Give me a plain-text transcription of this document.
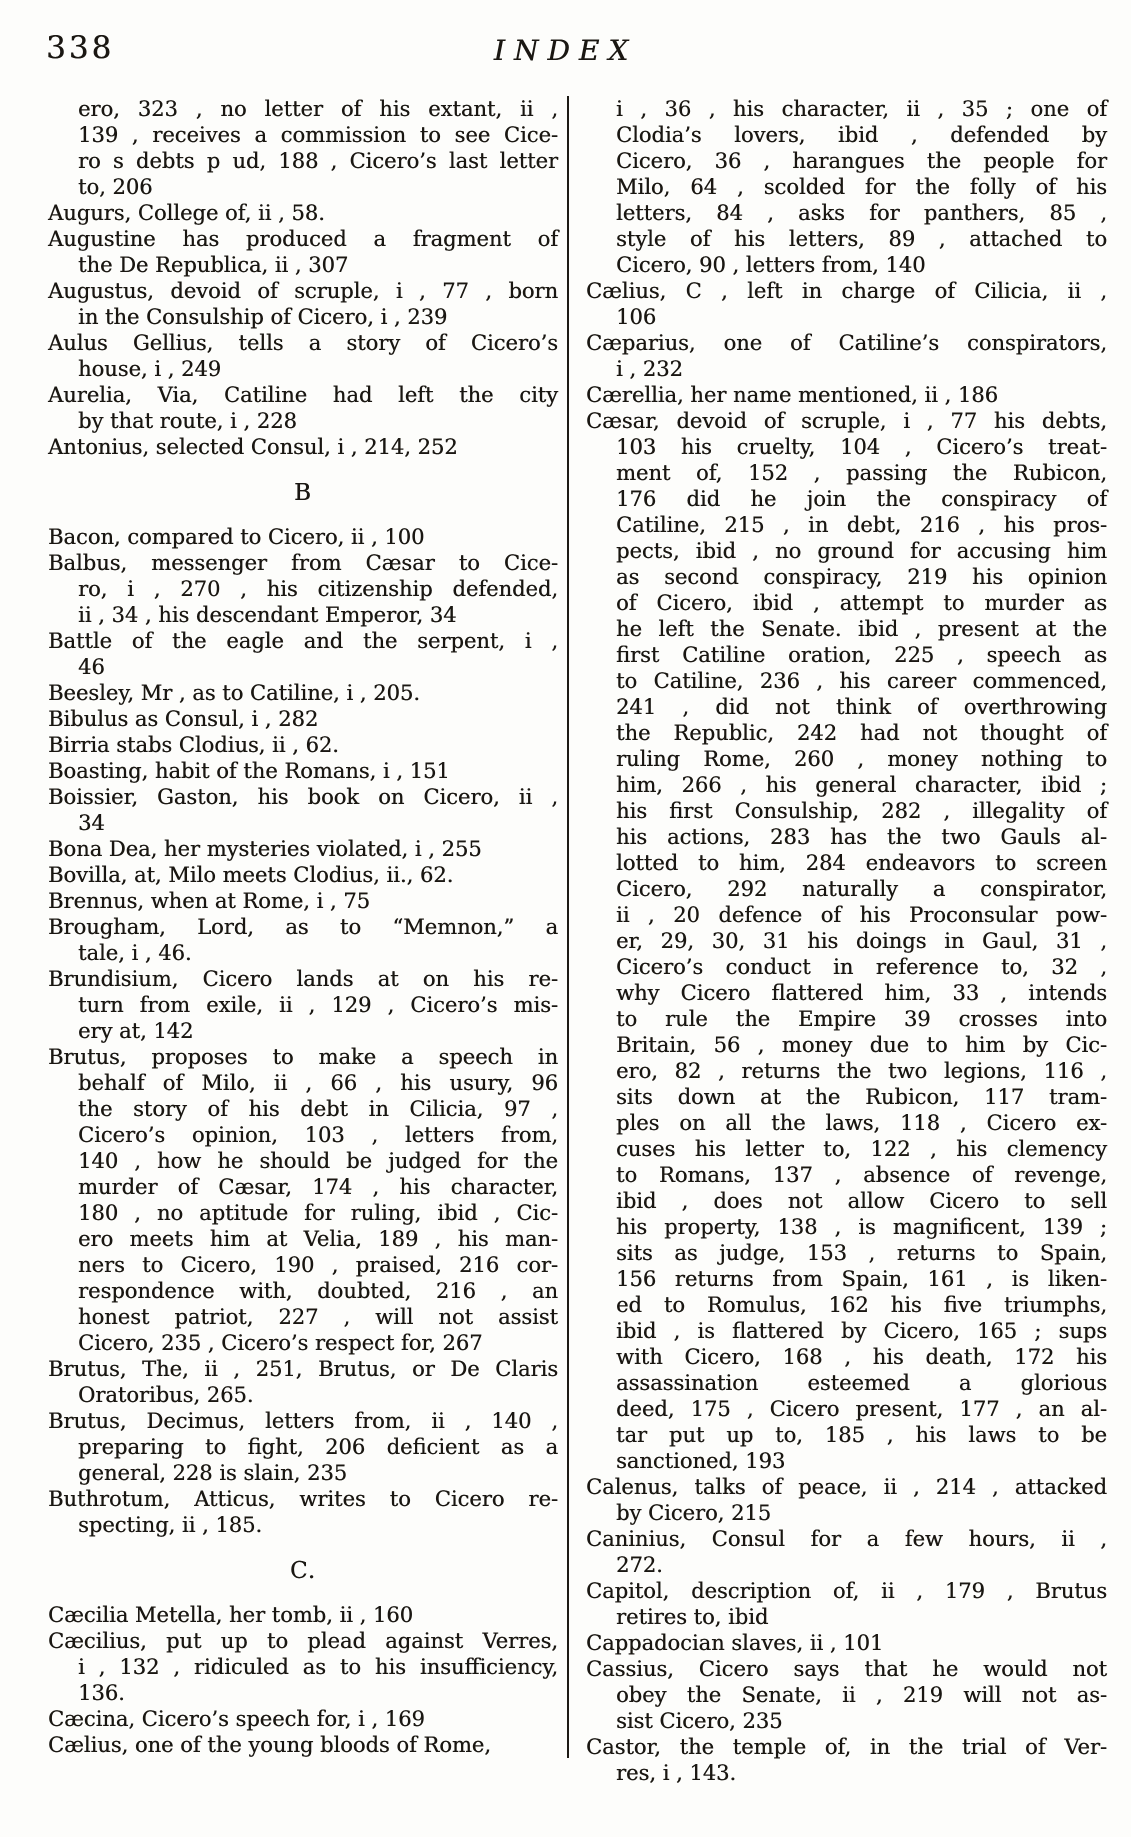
338	INDEX
ero, 323 , no letter of his extant, ii ,
139 , receives a commission to see Cice-
ro s debts p ud, 188 , Cicero’s last letter
to, 206
Augurs, College of, ii , 58.
Augustine has produced a fragment of
the De Republica, ii , 307
Augustus, devoid of scruple, i , 77 , born
in the Consulship of Cicero, i , 239
Aulus Gellius, tells a story of Cicero’s
house, i , 249
Aurelia, Via, Catiline had left the city
by that route, i , 228
Antonius, selected Consul, i , 214, 252
B
Bacon, compared to Cicero, ii , 100
Balbus, messenger from Cæsar to Cice-
ro, i , 270 , his citizenship defended,
ii , 34 , his descendant Emperor, 34
Battle of the eagle and the serpent, i ,
46
Beesley, Mr , as to Catiline, i , 205.
Bibulus as Consul, i , 282
Birria stabs Clodius, ii , 62.
Boasting, habit of the Romans, i , 151
Boissier, Gaston, his book on Cicero, ii ,
34
Bona Dea, her mysteries violated, i , 255
Bovilla, at, Milo meets Clodius, ii., 62.
Brennus, when at Rome, i , 75
Brougham, Lord, as to “Memnon,” a
tale, i , 46.
Brundisium, Cicero lands at on his re-
turn from exile, ii , 129 , Cicero’s mis-
ery at, 142
Brutus, proposes to make a speech in
behalf of Milo, ii , 66 , his usury, 96
the story of his debt in Cilicia, 97 ,
Cicero’s opinion, 103 , letters from,
140 , how he should be judged for the
murder of Cæsar, 174 , his character,
180 , no aptitude for ruling, ibid , Cic-
ero meets him at Velia, 189 , his man-
ners to Cicero, 190 , praised, 216 cor-
respondence with, doubted, 216 , an
honest patriot, 227 , will not assist
Cicero, 235 , Cicero’s respect for, 267
Brutus, The, ii , 251, Brutus, or De Claris
Oratoribus, 265.
Brutus, Decimus, letters from, ii , 140 ,
preparing to fight, 206 deficient as a
general, 228 is slain, 235
Buthrotum, Atticus, writes to Cicero re-
specting, ii , 185.
C.
Cæcilia Metella, her tomb, ii , 160
Cæcilius, put up to plead against Verres,
i , 132 , ridiculed as to his insufficiency,
136.
Cæcina, Cicero’s speech for, i , 169
Cælius, one of the young bloods of Rome,
i , 36 , his character, ii , 35 ; one of
Clodia’s lovers, ibid , defended by
Cicero, 36 , harangues the people for
Milo, 64 , scolded for the folly of his
letters, 84 , asks for panthers, 85 ,
style of his letters, 89 , attached to
Cicero, 90 , letters from, 140
Cælius, C , left in charge of Cilicia, ii ,
106
Cæparius, one of Catiline’s conspirators,
i , 232
Cærellia, her name mentioned, ii , 186
Cæsar, devoid of scruple, i , 77 his debts,
103 his cruelty, 104 , Cicero’s treat-
ment of, 152 , passing the Rubicon,
176 did he join the conspiracy of
Catiline, 215 , in debt, 216 , his pros-
pects, ibid , no ground for accusing him
as second conspiracy, 219 his opinion
of Cicero, ibid , attempt to murder as
he left the Senate. ibid , present at the
first Catiline oration, 225 , speech as
to Catiline, 236 , his career commenced,
241 , did not think of overthrowing
the Republic, 242 had not thought of
ruling Rome, 260 , money nothing to
him, 266 , his general character, ibid ;
his first Consulship, 282 , illegality of
his actions, 283 has the two Gauls al-
lotted to him, 284 endeavors to screen
Cicero, 292 naturally a conspirator,
ii , 20 defence of his Proconsular pow-
er, 29, 30, 31 his doings in Gaul, 31 ,
Cicero’s conduct in reference to, 32 ,
why Cicero flattered him, 33 , intends
to rule the Empire 39 crosses into
Britain, 56 , money due to him by Cic-
ero, 82 , returns the two legions, 116 ,
sits down at the Rubicon, 117 tram-
ples on all the laws, 118 , Cicero ex-
cuses his letter to, 122 , his clemency
to Romans, 137 , absence of revenge,
ibid , does not allow Cicero to sell
his property, 138 , is magnificent, 139 ;
sits as judge, 153 , returns to Spain,
156 returns from Spain, 161 , is liken-
ed to Romulus, 162 his five triumphs,
ibid , is flattered by Cicero, 165 ; sups
with Cicero, 168 , his death, 172 his
assassination esteemed a glorious
deed, 175 , Cicero present, 177 , an al-
tar put up to, 185 , his laws to be
sanctioned, 193
Calenus, talks of peace, ii , 214 , attacked
by Cicero, 215
Caninius, Consul for a few hours, ii ,
272.
Capitol, description of, ii , 179 , Brutus
retires to, ibid
Cappadocian slaves, ii , 101
Cassius, Cicero says that he would not
obey the Senate, ii , 219 will not as-
sist Cicero, 235
Castor, the temple of, in the trial of Ver-
res, i , 143.
